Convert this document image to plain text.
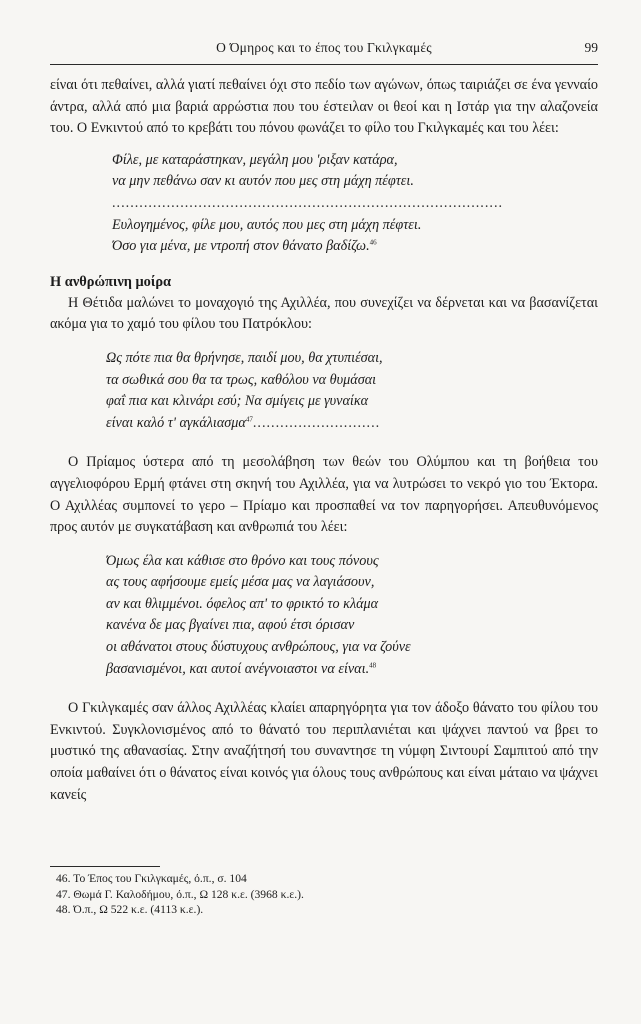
Ο Όμηρος και το έπος του Γκιλγκαμές	99

είναι ότι πεθαίνει, αλλά γιατί πεθαίνει όχι στο πεδίο των αγώνων, όπως ταιριάζει σε ένα γενναίο άντρα, αλλά από μια βαριά αρρώστια που του έστειλαν οι θεοί και η Ιστάρ για την αλαζονεία του. Ο Ενκιντού από το κρεβάτι του πόνου φωνάζει το φίλο του Γκιλγκαμές και του λέει:

Φίλε, με καταράστηκαν, μεγάλη μου 'ριξαν κατάρα,
να μην πεθάνω σαν κι αυτόν που μες στη μάχη πέφτει.
......................................................................................
Ευλογημένος, φίλε μου, αυτός που μες στη μάχη πέφτει.
Όσο για μένα, με ντροπή στον θάνατο βαδίζω.$^{46}$
Η ανθρώπινη μοίρα

Η Θέτιδα μαλώνει το μοναχογιό της Αχιλλέα, που συνεχίζει να δέρνεται και να βασανίζεται ακόμα για το χαμό του φίλου του Πατρόκλου:

Ως πότε πια θα θρήνησε, παιδί μου, θα χτυπιέσαι,
τα σωθικά σου θα τα τρως, καθόλου να θυμάσαι
φαΐ πια και κλινάρι εσύ; Να σμίγεις με γυναίκα
είναι καλό τ' αγκάλιασμα$^{47}$............................

Ο Πρίαμος ύστερα από τη μεσολάβηση των θεών του Ολύμπου και τη βοήθεια του αγγελιοφόρου Ερμή φτάνει στη σκηνή του Αχιλλέα, για να λυτρώσει το νεκρό γιο του Έκτορα. Ο Αχιλλέας συμπονεί το γερο – Πρίαμο και προσπαθεί να τον παρηγορήσει. Απευθυνόμενος προς αυτόν με συγκατάβαση και ανθρωπιά του λέει:

Όμως έλα και κάθισε στο θρόνο και τους πόνους
ας τους αφήσουμε εμείς μέσα μας να λαγιάσουν,
αν και θλιμμένοι. όφελος απ' το φρικτό το κλάμα
κανένα δε μας βγαίνει πια, αφού έτσι όρισαν
οι αθάνατοι στους δύστυχους ανθρώπους, για να ζούνε
βασανισμένοι, και αυτοί ανέγνοιαστοι να είναι.$^{48}$

Ο Γκιλγκαμές σαν άλλος Αχιλλέας κλαίει απαρηγόρητα για τον άδοξο θάνατο του φίλου του Ενκιντού. Συγκλονισμένος από το θάνατό του περιπλανιέται και ψάχνει παντού να βρει το μυστικό της αθανασίας. Στην αναζήτησή του συναντησε τη νύμφη Σιντουρί Σαμπιτού από την οποία μαθαίνει ότι ο θάνατος είναι κοινός για όλους τους ανθρώπους και είναι μάταιο να ψάχνει κανείς

46. Το Έπος του Γκιλγκαμές, ό.π., σ. 104
47. Θωμά Γ. Καλοδήμου, ό.π., Ω 128 κ.ε. (3968 κ.ε.).
48. Ό.π., Ω 522 κ.ε. (4113 κ.ε.).
